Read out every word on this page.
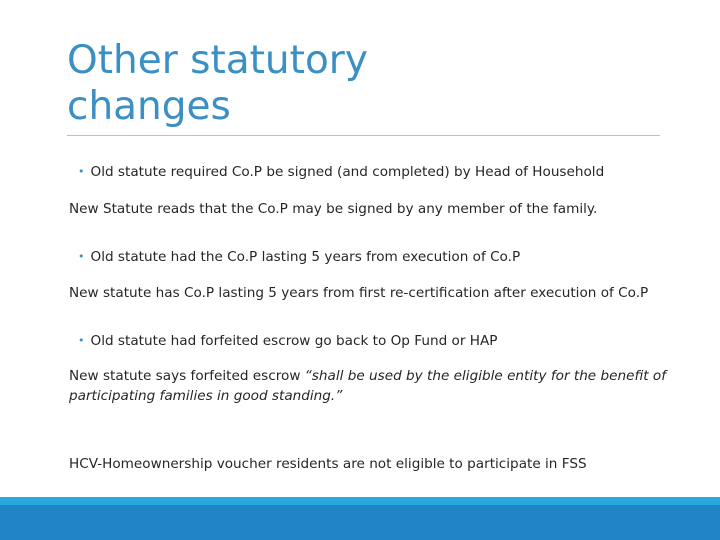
Other statutory
changes

• Old statute required Co.P be signed (and completed) by Head of Household

New Statute reads that the Co.P may be signed by any member of the family.

• Old statute had the Co.P lasting 5 years from execution of Co.P

New statute has Co.P lasting 5 years from first re-certification after execution of Co.P

• Old statute had forfeited escrow go back to Op Fund or HAP

New statute says forfeited escrow “shall be used by the eligible entity for the benefit of participating families in good standing.”

HCV-Homeownership voucher residents are not eligible to participate in FSS
